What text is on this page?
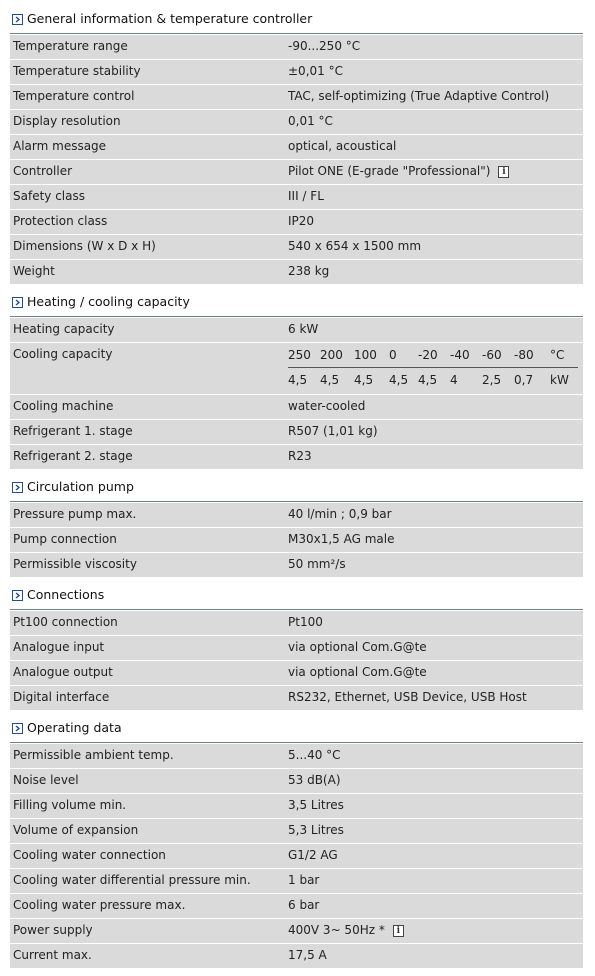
General information & temperature controller
Temperature range	-90...250 °C
Temperature stability	±0,01 °C
Temperature control	TAC, self-optimizing (True Adaptive Control)
Display resolution	0,01 °C
Alarm message	optical, acoustical
Controller	Pilot ONE (E-grade "Professional") i
Safety class	III / FL
Protection class	IP20
Dimensions (W x D x H)	540 x 654 x 1500 mm
Weight	238 kg
Heating / cooling capacity
Heating capacity	6 kW
Cooling capacity	250 200 100 0 -20 -40 -60 -80 °C
4,5 4,5 4,5 4,5 4,5 4 2,5 0,7 kW
Cooling machine	water-cooled
Refrigerant 1. stage	R507 (1,01 kg)
Refrigerant 2. stage	R23
Circulation pump
Pressure pump max.	40 l/min ; 0,9 bar
Pump connection	M30x1,5 AG male
Permissible viscosity	50 mm²/s
Connections
Pt100 connection	Pt100
Analogue input	via optional Com.G@te
Analogue output	via optional Com.G@te
Digital interface	RS232, Ethernet, USB Device, USB Host
Operating data
Permissible ambient temp.	5...40 °C
Noise level	53 dB(A)
Filling volume min.	3,5 Litres
Volume of expansion	5,3 Litres
Cooling water connection	G1/2 AG
Cooling water differential pressure min.	1 bar
Cooling water pressure max.	6 bar
Power supply	400V 3~ 50Hz * i
Current max.	17,5 A
